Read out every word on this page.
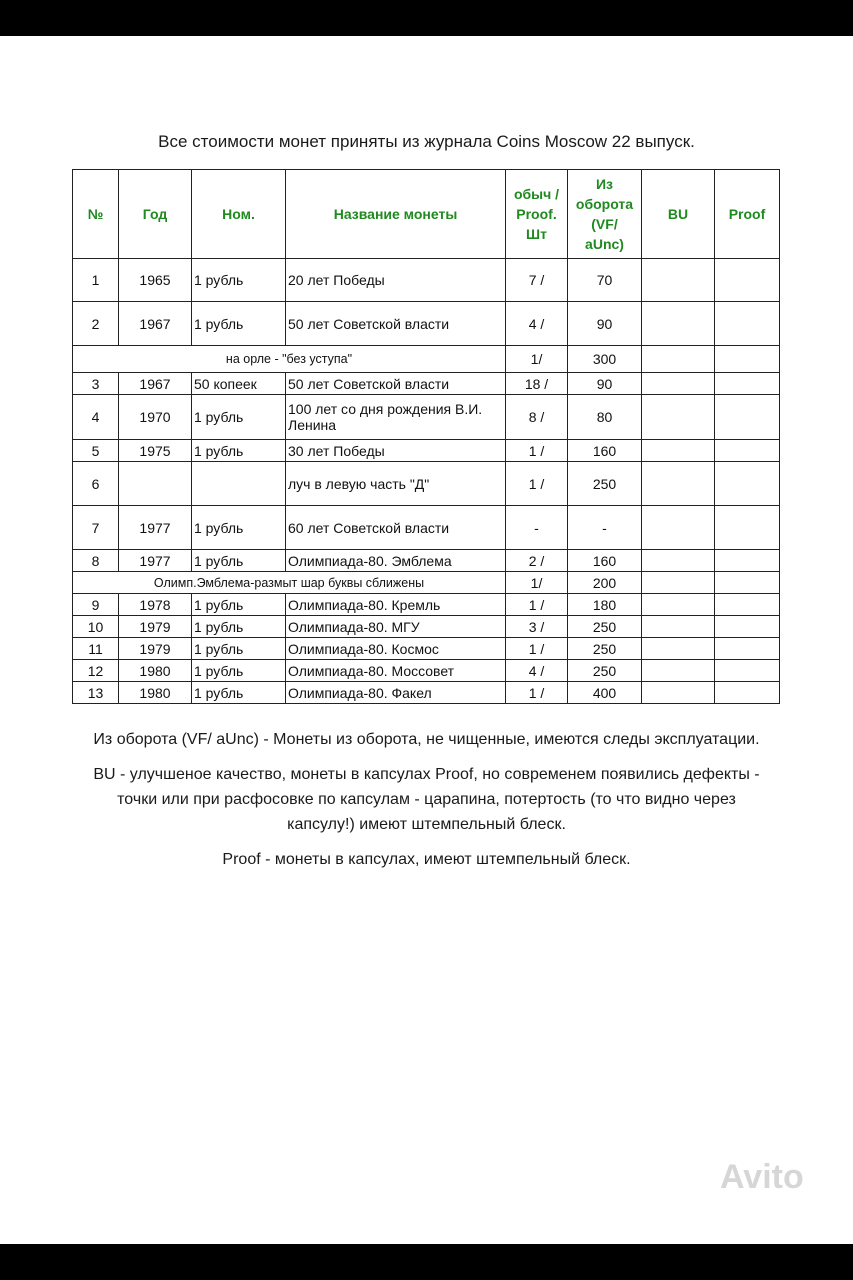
Все стоимости монет приняты из журнала Coins Moscow 22 выпуск.
№	Год	Ном.	Название монеты	обыч / Proof. Шт	Из оборота (VF/ aUnc)	BU	Proof
1	1965	1 рубль	20 лет Победы	7 /	70		
2	1967	1 рубль	50 лет Советской власти	4 /	90		
на орле - "без уступа"				1/	300		
3	1967	50 копеек	50 лет Советской власти	18 /	90		
4	1970	1 рубль	100 лет со дня рождения В.И. Ленина	8 /	80		
5	1975	1 рубль	30 лет Победы	1 /	160		
6			луч в левую часть "Д"	1 /	250		
7	1977	1 рубль	60 лет Советской власти	-	-		
8	1977	1 рубль	Олимпиада-80. Эмблема	2 /	160		
Олимп.Эмблема-размыт шар буквы сближены				1/	200		
9	1978	1 рубль	Олимпиада-80. Кремль	1 /	180		
10	1979	1 рубль	Олимпиада-80. МГУ	3 /	250		
11	1979	1 рубль	Олимпиада-80. Космос	1 /	250		
12	1980	1 рубль	Олимпиада-80. Моссовет	4 /	250		
13	1980	1 рубль	Олимпиада-80. Факел	1 /	400		

Из оборота (VF/ aUnc) - Монеты из оборота, не чищенные, имеются следы эксплуатации.

BU - улучшеное качество, монеты в капсулах Proof, но современем появились дефекты - точки или при расфосовке по капсулам - царапина, потертость (то что видно через капсулу!) имеют штемпельный блеск.

Proof - монеты в капсулах, имеют штемпельный блеск.

Avito
